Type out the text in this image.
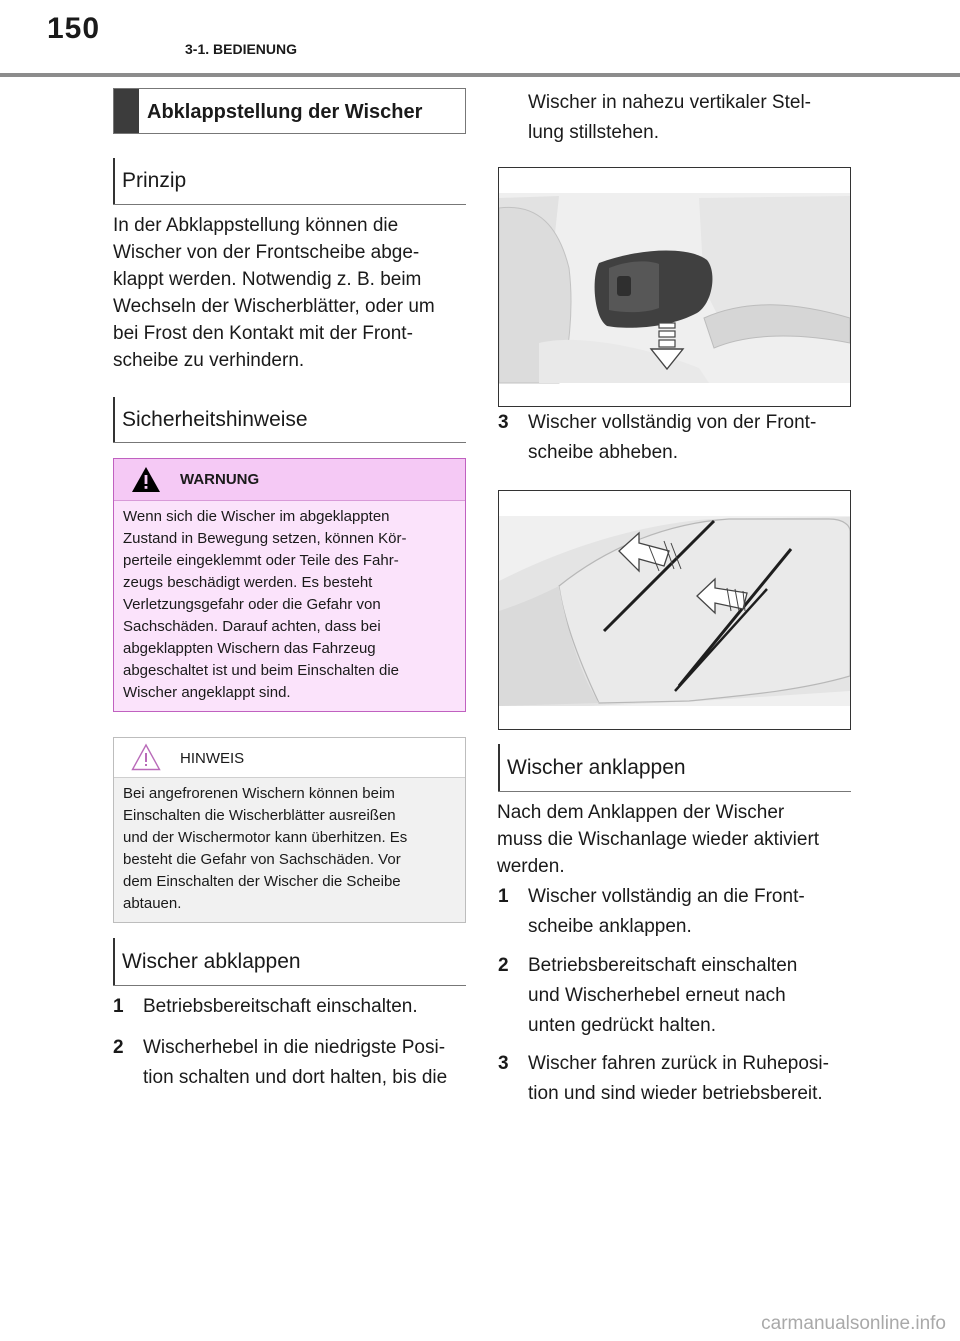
150
3-1. BEDIENUNG
Abklappstellung der Wischer
Prinzip
In der Abklappstellung können die
Wischer von der Frontscheibe abge-
klappt werden. Notwendig z. B. beim
Wechseln der Wischerblätter, oder um
bei Frost den Kontakt mit der Front-
scheibe zu verhindern.
Sicherheitshinweise
WARNUNG
Wenn sich die Wischer im abgeklappten
Zustand in Bewegung setzen, können Kör-
perteile eingeklemmt oder Teile des Fahr-
zeugs beschädigt werden. Es besteht
Verletzungsgefahr oder die Gefahr von
Sachschäden. Darauf achten, dass bei
abgeklappten Wischern das Fahrzeug
abgeschaltet ist und beim Einschalten die
Wischer angeklappt sind.
HINWEIS
Bei angefrorenen Wischern können beim
Einschalten die Wischerblätter ausreißen
und der Wischermotor kann überhitzen. Es
besteht die Gefahr von Sachschäden. Vor
dem Einschalten der Wischer die Scheibe
abtauen.
Wischer abklappen
1 Betriebsbereitschaft einschalten.
2 Wischerhebel in die niedrigste Posi-
tion schalten und dort halten, bis die
Wischer in nahezu vertikaler Stel-
lung stillstehen.
3 Wischer vollständig von der Front-
scheibe abheben.
Wischer anklappen
Nach dem Anklappen der Wischer
muss die Wischanlage wieder aktiviert
werden.
1 Wischer vollständig an die Front-
scheibe anklappen.
2 Betriebsbereitschaft einschalten
und Wischerhebel erneut nach
unten gedrückt halten.
3 Wischer fahren zurück in Ruheposi-
tion und sind wieder betriebsbereit.
carmanualsonline.info
